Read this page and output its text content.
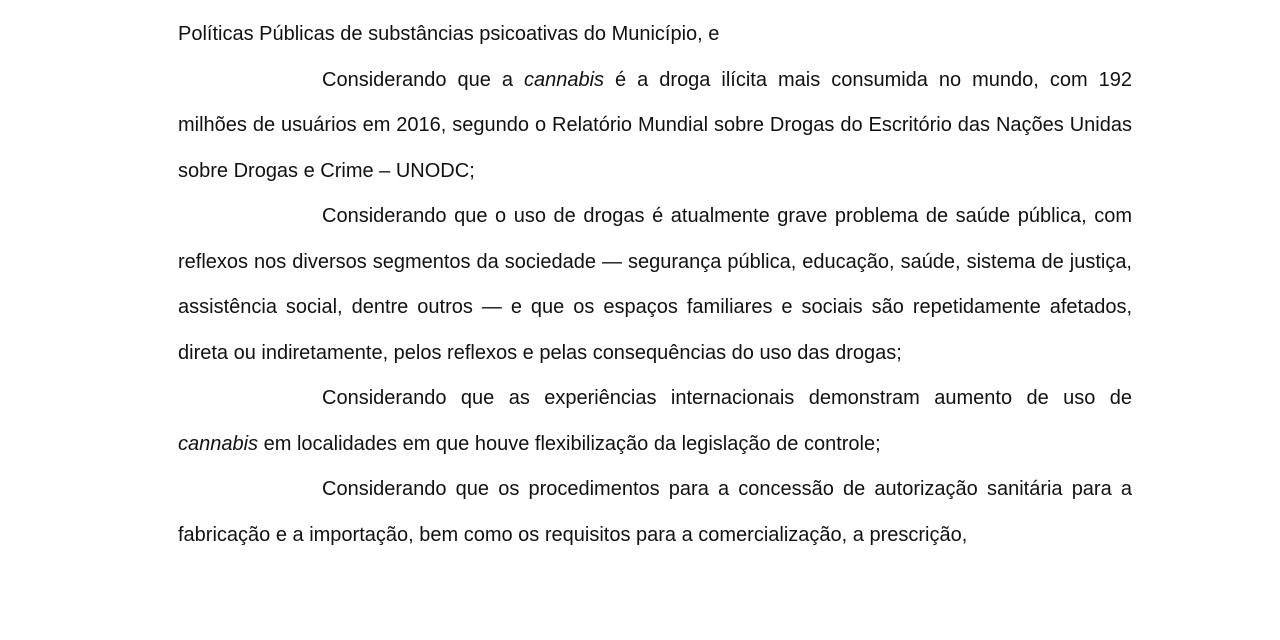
Políticas Públicas de substâncias psicoativas do Município, e

Considerando que a cannabis é a droga ilícita mais consumida no mundo, com 192 milhões de usuários em 2016, segundo o Relatório Mundial sobre Drogas do Escritório das Nações Unidas sobre Drogas e Crime – UNODC;

Considerando que o uso de drogas é atualmente grave problema de saúde pública, com reflexos nos diversos segmentos da sociedade — segurança pública, educação, saúde, sistema de justiça, assistência social, dentre outros — e que os espaços familiares e sociais são repetidamente afetados, direta ou indiretamente, pelos reflexos e pelas consequências do uso das drogas;

Considerando que as experiências internacionais demonstram aumento de uso de cannabis em localidades em que houve flexibilização da legislação de controle;

Considerando que os procedimentos para a concessão de autorização sanitária para a fabricação e a importação, bem como os requisitos para a comercialização, a prescrição,
